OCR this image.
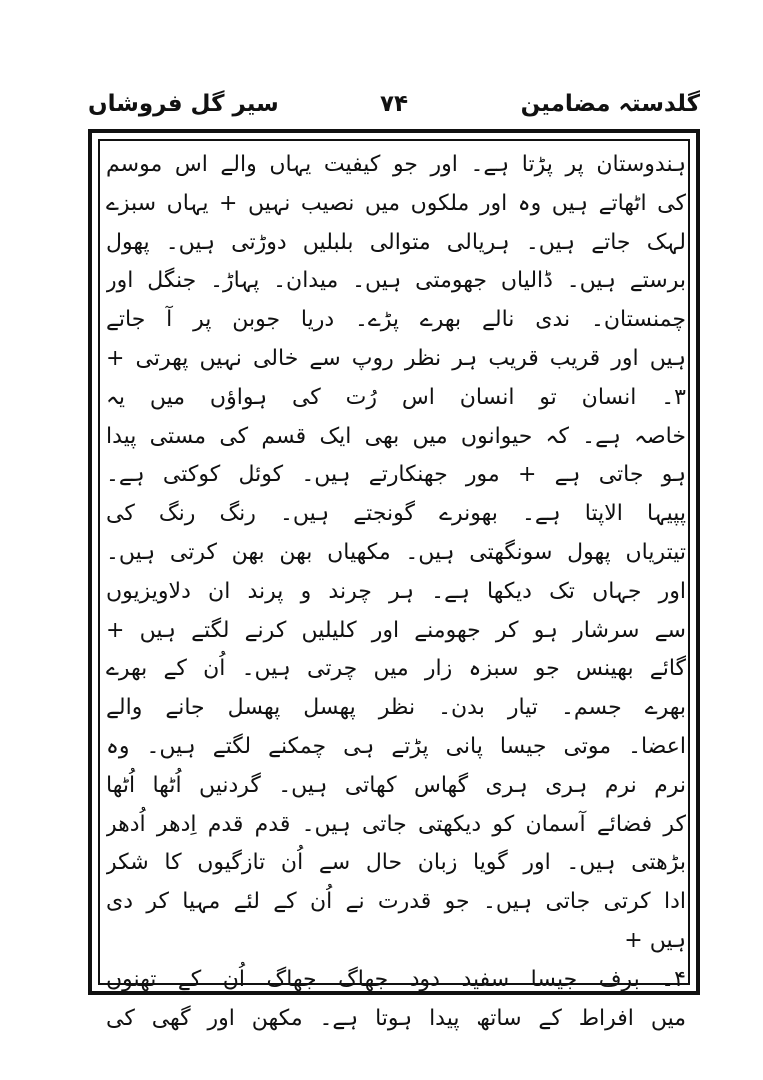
گلدستہ مضامین
۷۴
سیر گل فروشاں
ہندوستان پر پڑتا ہے۔ اور جو کیفیت یہاں والے اس موسم
کی اٹھاتے ہیں وہ اور ملکوں میں نصیب نہیں + یہاں سبزے
لہک جاتے ہیں۔ ہریالی متوالی بلبلیں دوڑتی ہیں۔ پھول
برستے ہیں۔ ڈالیاں جھومتی ہیں۔ میدان۔ پہاڑ۔ جنگل اور
چمنستان۔ ندی نالے بھرے پڑے۔ دریا جوبن پر آ جاتے
ہیں اور قریب قریب ہر نظر روپ سے خالی نہیں پھرتی +
۳۔ انسان تو انسان اس رُت کی ہواؤں میں یہ
خاصہ ہے۔ کہ حیوانوں میں بھی ایک قسم کی مستی پیدا
ہو جاتی ہے + مور جھنکارتے ہیں۔ کوئل کوکتی ہے۔
پپیہا الاپتا ہے۔ بھونرے گونجتے ہیں۔ رنگ رنگ کی
تیتریاں پھول سونگھتی ہیں۔ مکھیاں بھن بھن کرتی ہیں۔
اور جہاں تک دیکھا ہے۔ ہر چرند و پرند ان دلاویزیوں
سے سرشار ہو کر جھومنے اور کلیلیں کرنے لگتے ہیں +
گائے بھینس جو سبزہ زار میں چرتی ہیں۔ اُن کے بھرے
بھرے جسم۔ تیار بدن۔ نظر پھسل پھسل جانے والے
اعضا۔ موتی جیسا پانی پڑتے ہی چمکنے لگتے ہیں۔ وہ
نرم نرم ہری ہری گھاس کھاتی ہیں۔ گردنیں اُٹھا اُٹھا
کر فضائے آسمان کو دیکھتی جاتی ہیں۔ قدم قدم اِدھر اُدھر
بڑھتی ہیں۔ اور گویا زبان حال سے اُن تازگیوں کا شکر
ادا کرتی جاتی ہیں۔ جو قدرت نے اُن کے لئے مہیا کر دی
ہیں +
۴۔ برف جیسا سفید دود جھاگ جھاگ اُن کے تھنوں
میں افراط کے ساتھ پیدا ہوتا ہے۔ مکھن اور گھی کی
